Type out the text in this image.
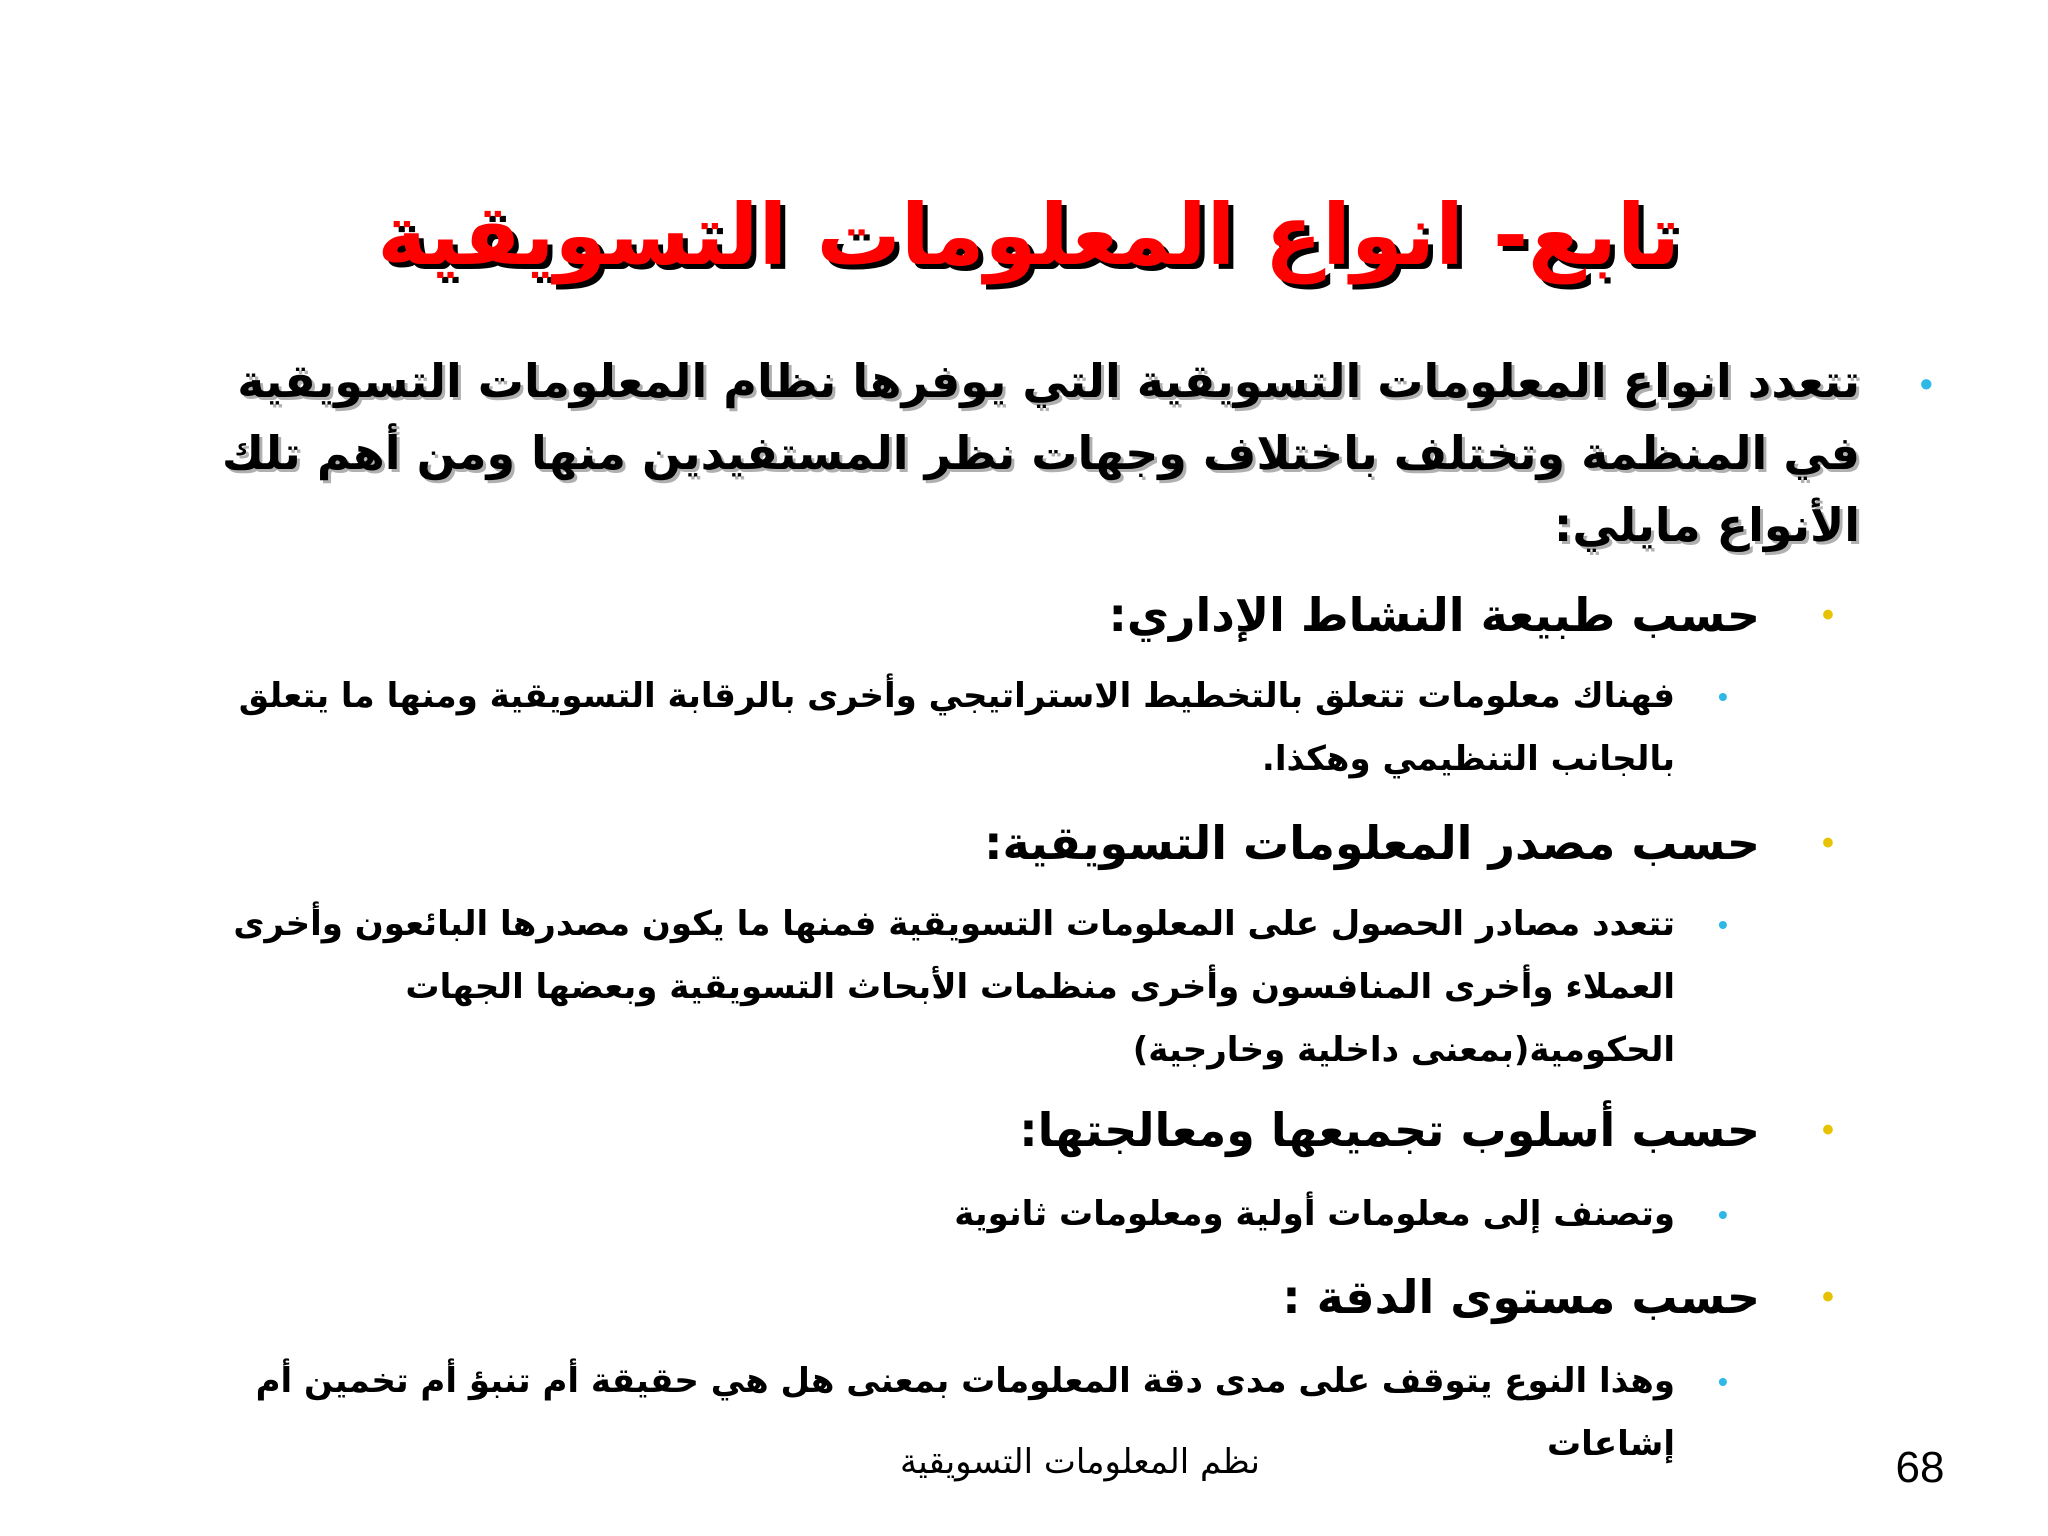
تابع- انواع المعلومات التسويقية
•
تتعدد انواع المعلومات التسويقية التي يوفرها نظام المعلومات التسويقية في المنظمة وتختلف باختلاف وجهات نظر المستفيدين منها ومن أهم تلك الأنواع مايلي:
•
حسب طبيعة النشاط الإداري:
•
فهناك معلومات تتعلق بالتخطيط الاستراتيجي وأخرى بالرقابة التسويقية ومنها ما يتعلق بالجانب التنظيمي وهكذا.
•
حسب مصدر المعلومات التسويقية:
•
تتعدد مصادر الحصول على المعلومات التسويقية فمنها ما يكون مصدرها البائعون وأخرى العملاء وأخرى المنافسون وأخرى منظمات الأبحاث التسويقية وبعضها الجهات الحكومية(بمعنى داخلية وخارجية)
•
حسب أسلوب تجميعها ومعالجتها:
•
وتصنف إلى معلومات أولية ومعلومات ثانوية
•
حسب مستوى الدقة :
•
وهذا النوع يتوقف على مدى دقة المعلومات بمعنى هل هي حقيقة أم تنبؤ أم تخمين أم إشاعات
نظم المعلومات التسويقية	68
